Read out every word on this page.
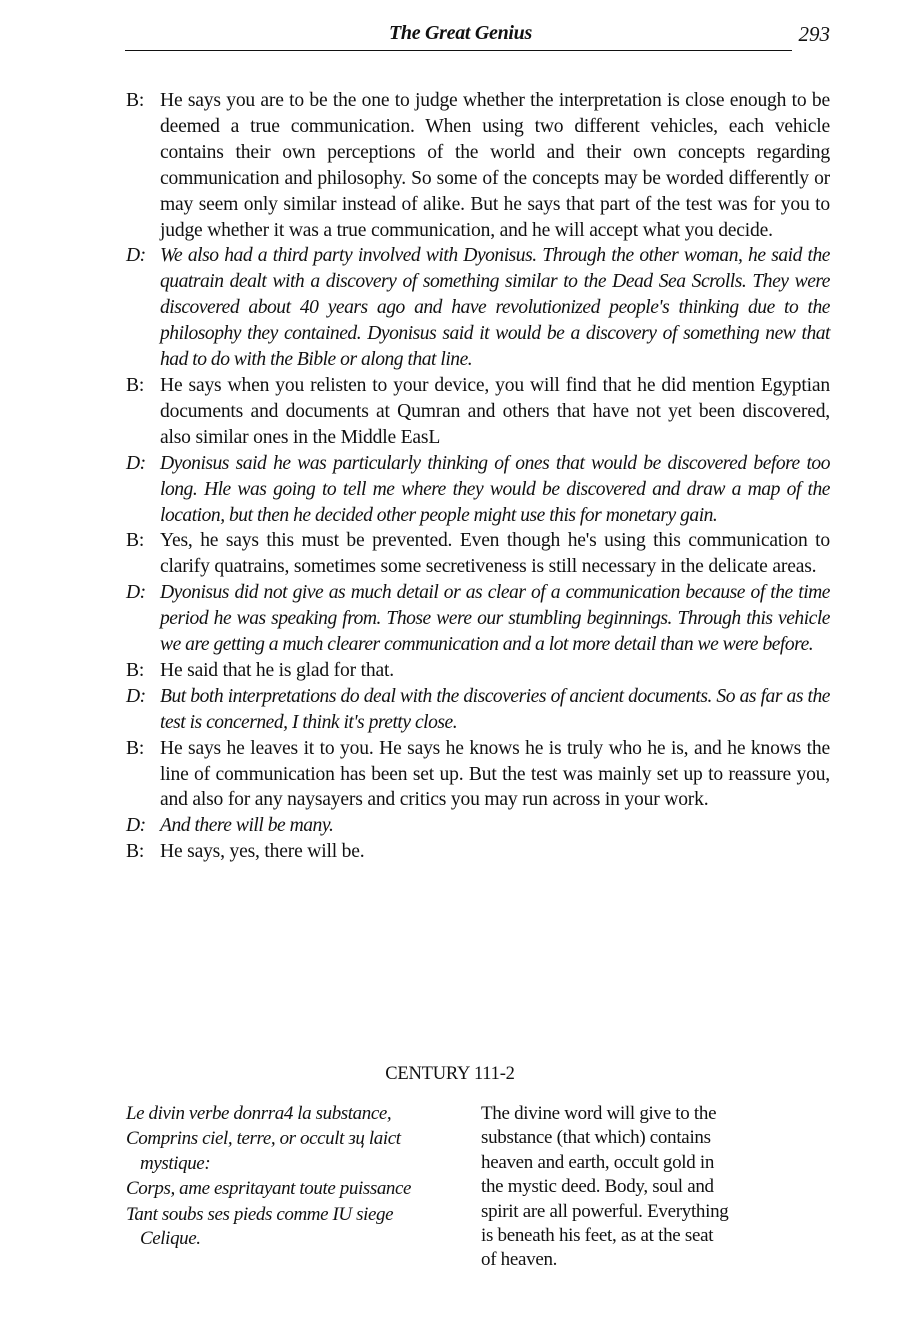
The Great Genius	293

B: He says you are to be the one to judge whether the interpretation is close enough to be deemed a true communication. When using two different vehicles, each vehicle contains their own perceptions of the world and their own concepts regarding communication and philosophy. So some of the concepts may be worded differently or may seem only similar instead of alike. But he says that part of the test was for you to judge whether it was a true communication, and he will accept what you decide.

D: We also had a third party involved with Dyonisus. Through the other woman, he said the quatrain dealt with a discovery of something similar to the Dead Sea Scrolls. They were discovered about 40 years ago and have revolutionized people's thinking due to the philosophy they contained. Dyonisus said it would be a discovery of something new that had to do with the Bible or along that line.

B: He says when you relisten to your device, you will find that he did mention Egyptian documents and documents at Qumran and others that have not yet been discovered, also similar ones in the Middle EasL

D: Dyonisus said he was particularly thinking of ones that would be discovered before too long. Hle was going to tell me where they would be discovered and draw a map of the location, but then he decided other people might use this for monetary gain.

B: Yes, he says this must be prevented. Even though he's using this communication to clarify quatrains, sometimes some secretiveness is still necessary in the delicate areas.

D: Dyonisus did not give as much detail or as clear of a communication because of the time period he was speaking from. Those were our stumbling beginnings. Through this vehicle we are getting a much clearer communication and a lot more detail than we were before.

B: He said that he is glad for that.

D: But both interpretations do deal with the discoveries of ancient documents. So as far as the test is concerned, I think it's pretty close.

B: He says he leaves it to you. He says he knows he is truly who he is, and he knows the line of communication has been set up. But the test was mainly set up to reassure you, and also for any naysayers and critics you may run across in your work.

D: And there will be many.

B: He says, yes, there will be.

CENTURY 111-2

Le divin verbe donrra4 la substance,

Comprins ciel, terre, or occult зц laict mystique:

Corps, ame espritayant toute puissance

Tant soubs ses pieds comme IU siege Celique.

The divine word will give to the

substance (that which) contains

heaven and earth, occult gold in

the mystic deed. Body, soul and

spirit are all powerful. Everything

is beneath his feet, as at the seat

of heaven.
